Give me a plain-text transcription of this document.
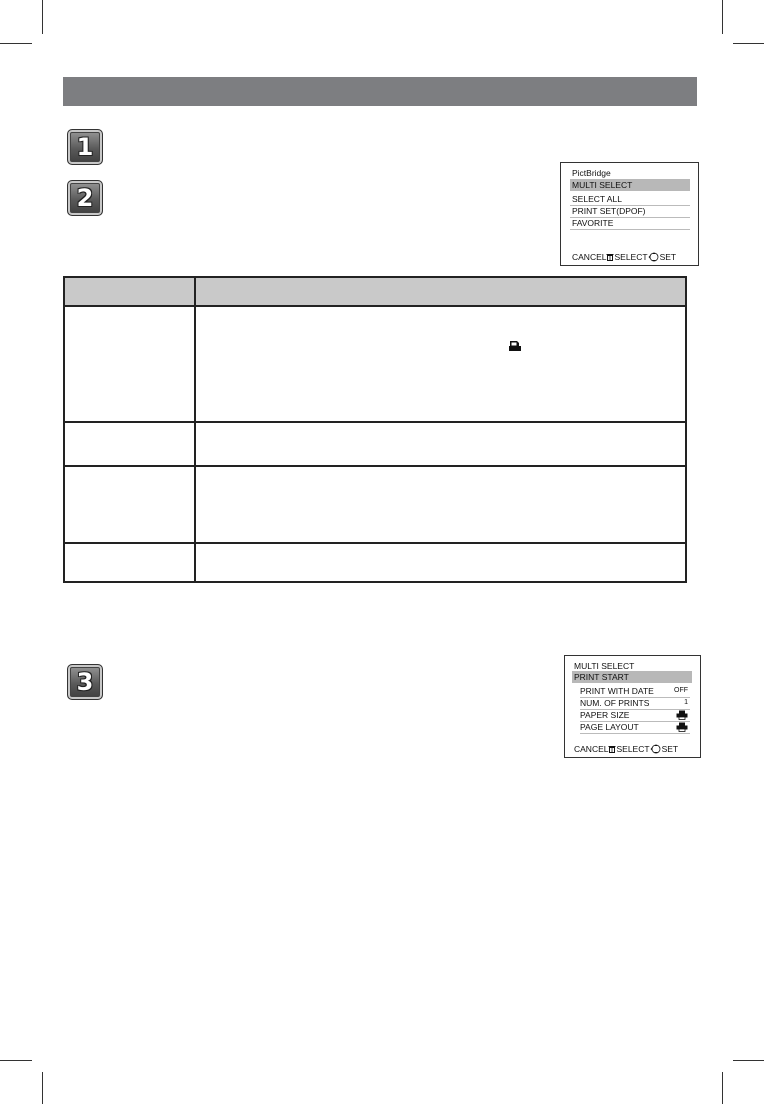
1
2
3
PictBridge
MULTI SELECT
SELECT ALL
PRINT SET(DPOF)
FAVORITE
CANCEL SELECT SET
MULTI SELECT
PRINT START
PRINT WITH DATE	OFF
NUM. OF PRINTS	1
PAPER SIZE
PAGE LAYOUT
CANCEL SELECT SET
